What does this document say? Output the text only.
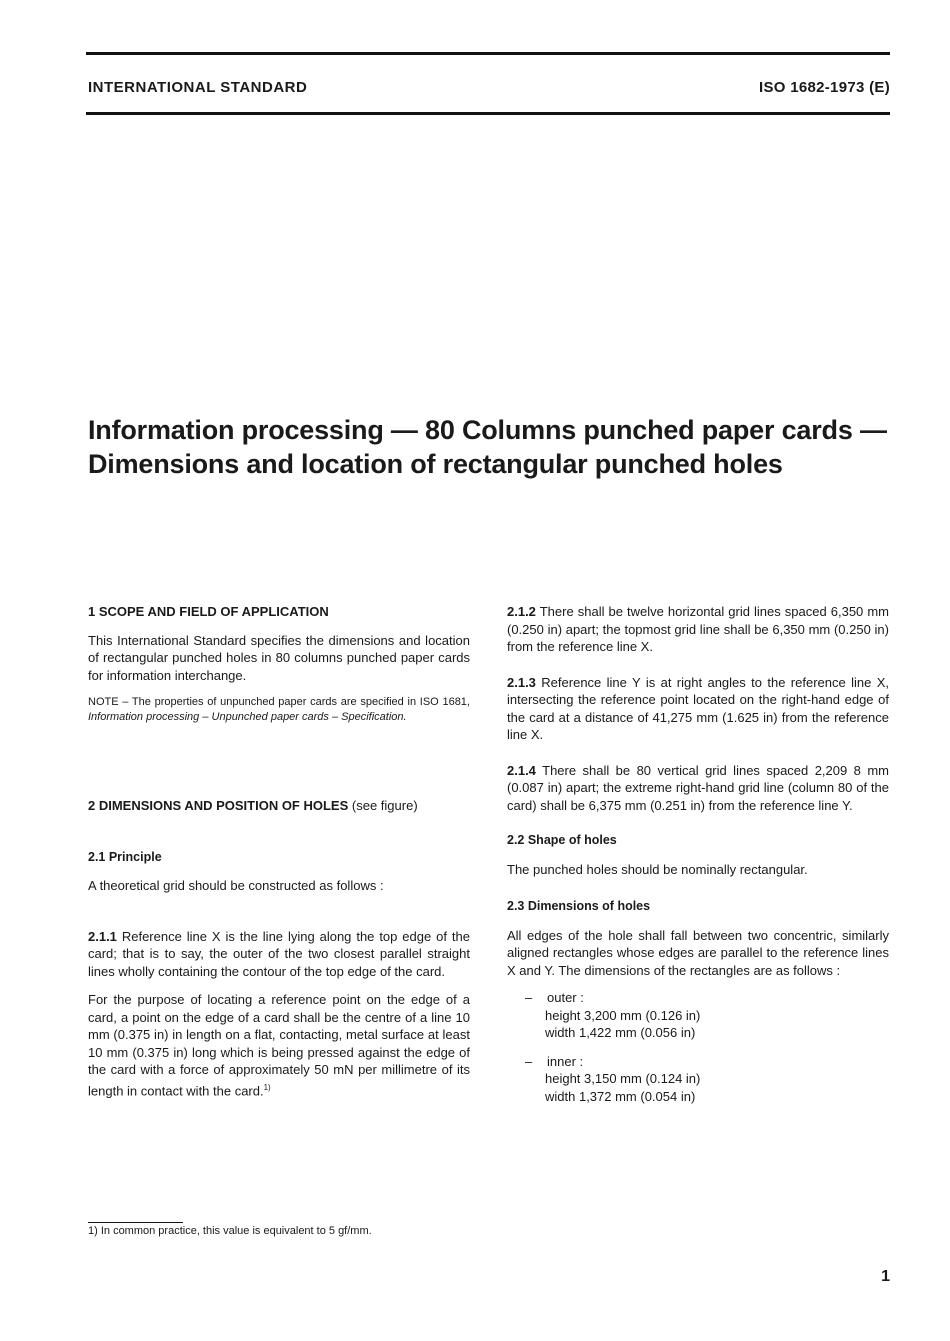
INTERNATIONAL STANDARD	ISO 1682-1973 (E)
Information processing — 80 Columns punched paper cards —
Dimensions and location of rectangular punched holes
1 SCOPE AND FIELD OF APPLICATION

This International Standard specifies the dimensions and location of rectangular punched holes in 80 columns punched paper cards for information interchange.

NOTE – The properties of unpunched paper cards are specified in ISO 1681, Information processing – Unpunched paper cards – Specification.
2 DIMENSIONS AND POSITION OF HOLES (see figure)
2.1 Principle

A theoretical grid should be constructed as follows :

2.1.1 Reference line X is the line lying along the top edge of the card; that is to say, the outer of the two closest parallel straight lines wholly containing the contour of the top edge of the card.

For the purpose of locating a reference point on the edge of a card, a point on the edge of a card shall be the centre of a line 10 mm (0.375 in) in length on a flat, contacting, metal surface at least 10 mm (0.375 in) long which is being pressed against the edge of the card with a force of approximately 50 mN per millimetre of its length in contact with the card.$^{1)}$

2.1.2 There shall be twelve horizontal grid lines spaced 6,350 mm (0.250 in) apart; the topmost grid line shall be 6,350 mm (0.250 in) from the reference line X.

2.1.3 Reference line Y is at right angles to the reference line X, intersecting the reference point located on the right-hand edge of the card at a distance of 41,275 mm (1.625 in) from the reference line X.

2.1.4 There shall be 80 vertical grid lines spaced 2,209 8 mm (0.087 in) apart; the extreme right-hand grid line (column 80 of the card) shall be 6,375 mm (0.251 in) from the reference line Y.

2.2 Shape of holes

The punched holes should be nominally rectangular.

2.3 Dimensions of holes

All edges of the hole shall fall between two concentric, similarly aligned rectangles whose edges are parallel to the reference lines X and Y. The dimensions of the rectangles are as follows :

– outer :
height 3,200 mm (0.126 in)
width 1,422 mm (0.056 in)
– inner :
height 3,150 mm (0.124 in)
width 1,372 mm (0.054 in)
1) In common practice, this value is equivalent to 5 gf/mm.
1
